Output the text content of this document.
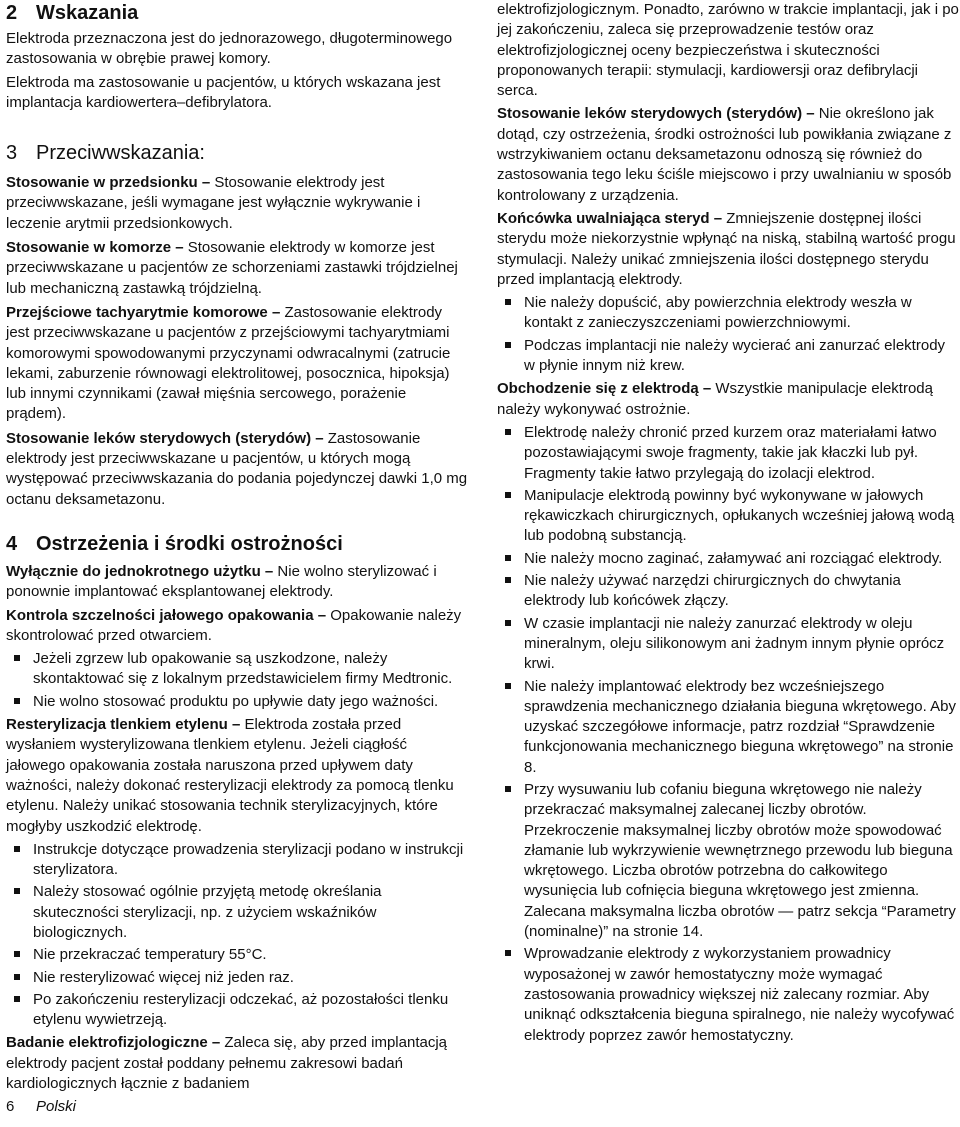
2 Wskazania

Elektroda przeznaczona jest do jednorazowego, długoterminowego zastosowania w obrębie prawej komory.

Elektroda ma zastosowanie u pacjentów, u których wskazana jest implantacja kardiowertera–defibrylatora.

3 Przeciwwskazania:

Stosowanie w przedsionku – Stosowanie elektrody jest przeciwwskazane, jeśli wymagane jest wyłącznie wykrywanie i leczenie arytmii przedsionkowych.

Stosowanie w komorze – Stosowanie elektrody w komorze jest przeciwwskazane u pacjentów ze schorzeniami zastawki trójdzielnej lub mechaniczną zastawką trójdzielną.

Przejściowe tachyarytmie komorowe – Zastosowanie elektrody jest przeciwwskazane u pacjentów z przejściowymi tachyarytmiami komorowymi spowodowanymi przyczynami odwracalnymi (zatrucie lekami, zaburzenie równowagi elektrolitowej, posocznica, hipoksja) lub innymi czynnikami (zawał mięśnia sercowego, porażenie prądem).

Stosowanie leków sterydowych (sterydów) – Zastosowanie elektrody jest przeciwwskazane u pacjentów, u których mogą występować przeciwwskazania do podania pojedynczej dawki 1,0 mg octanu deksametazonu.

4 Ostrzeżenia i środki ostrożności

Wyłącznie do jednokrotnego użytku – Nie wolno sterylizować i ponownie implantować eksplantowanej elektrody.

Kontrola szczelności jałowego opakowania – Opakowanie należy skontrolować przed otwarciem.

Jeżeli zgrzew lub opakowanie są uszkodzone, należy skontaktować się z lokalnym przedstawicielem firmy Medtronic.
Nie wolno stosować produktu po upływie daty jego ważności.

Resterylizacja tlenkiem etylenu – Elektroda została przed wysłaniem wysterylizowana tlenkiem etylenu. Jeżeli ciągłość jałowego opakowania została naruszona przed upływem daty ważności, należy dokonać resterylizacji elektrody za pomocą tlenku etylenu. Należy unikać stosowania technik sterylizacyjnych, które mogłyby uszkodzić elektrodę.

Instrukcje dotyczące prowadzenia sterylizacji podano w instrukcji sterylizatora.
Należy stosować ogólnie przyjętą metodę określania skuteczności sterylizacji, np. z użyciem wskaźników biologicznych.
Nie przekraczać temperatury 55°C.
Nie resterylizować więcej niż jeden raz.
Po zakończeniu resterylizacji odczekać, aż pozostałości tlenku etylenu wywietrzeją.

Badanie elektrofizjologiczne – Zaleca się, aby przed implantacją elektrody pacjent został poddany pełnemu zakresowi badań kardiologicznych łącznie z badaniem

elektrofizjologicznym. Ponadto, zarówno w trakcie implantacji, jak i po jej zakończeniu, zaleca się przeprowadzenie testów oraz elektrofizjologicznej oceny bezpieczeństwa i skuteczności proponowanych terapii: stymulacji, kardiowersji oraz defibrylacji serca.

Stosowanie leków sterydowych (sterydów) – Nie określono jak dotąd, czy ostrzeżenia, środki ostrożności lub powikłania związane z wstrzykiwaniem octanu deksametazonu odnoszą się również do zastosowania tego leku ściśle miejscowo i przy uwalnianiu w sposób kontrolowany z urządzenia.

Końcówka uwalniająca steryd – Zmniejszenie dostępnej ilości sterydu może niekorzystnie wpłynąć na niską, stabilną wartość progu stymulacji. Należy unikać zmniejszenia ilości dostępnego sterydu przed implantacją elektrody.

Nie należy dopuścić, aby powierzchnia elektrody weszła w kontakt z zanieczyszczeniami powierzchniowymi.
Podczas implantacji nie należy wycierać ani zanurzać elektrody w płynie innym niż krew.

Obchodzenie się z elektrodą – Wszystkie manipulacje elektrodą należy wykonywać ostrożnie.

Elektrodę należy chronić przed kurzem oraz materiałami łatwo pozostawiającymi swoje fragmenty, takie jak kłaczki lub pył. Fragmenty takie łatwo przylegają do izolacji elektrod.
Manipulacje elektrodą powinny być wykonywane w jałowych rękawiczkach chirurgicznych, opłukanych wcześniej jałową wodą lub podobną substancją.
Nie należy mocno zaginać, załamywać ani rozciągać elektrody.
Nie należy używać narzędzi chirurgicznych do chwytania elektrody lub końcówek złączy.
W czasie implantacji nie należy zanurzać elektrody w oleju mineralnym, oleju silikonowym ani żadnym innym płynie oprócz krwi.
Nie należy implantować elektrody bez wcześniejszego sprawdzenia mechanicznego działania biegunа wkrętowego. Aby uzyskać szczegółowe informacje, patrz rozdział “Sprawdzenie funkcjonowania mechanicznego bieguna wkrętowego” na stronie 8.
Przy wysuwaniu lub cofaniu bieguna wkrętowego nie należy przekraczać maksymalnej zalecanej liczby obrotów. Przekroczenie maksymalnej liczby obrotów może spowodować złamanie lub wykrzywienie wewnętrznego przewodu lub bieguna wkrętowego. Liczba obrotów potrzebna do całkowitego wysunięcia lub cofnięcia bieguna wkrętowego jest zmienna. Zalecana maksymalna liczba obrotów — patrz sekcja “Parametry (nominalne)” na stronie 14.
Wprowadzanie elektrody z wykorzystaniem prowadnicy wyposażonej w zawór hemostatyczny może wymagać zastosowania prowadnicy większej niż zalecany rozmiar. Aby uniknąć odkształcenia bieguna spiralnego, nie należy wycofywać elektrody poprzez zawór hemostatyczny.
6 Polski
